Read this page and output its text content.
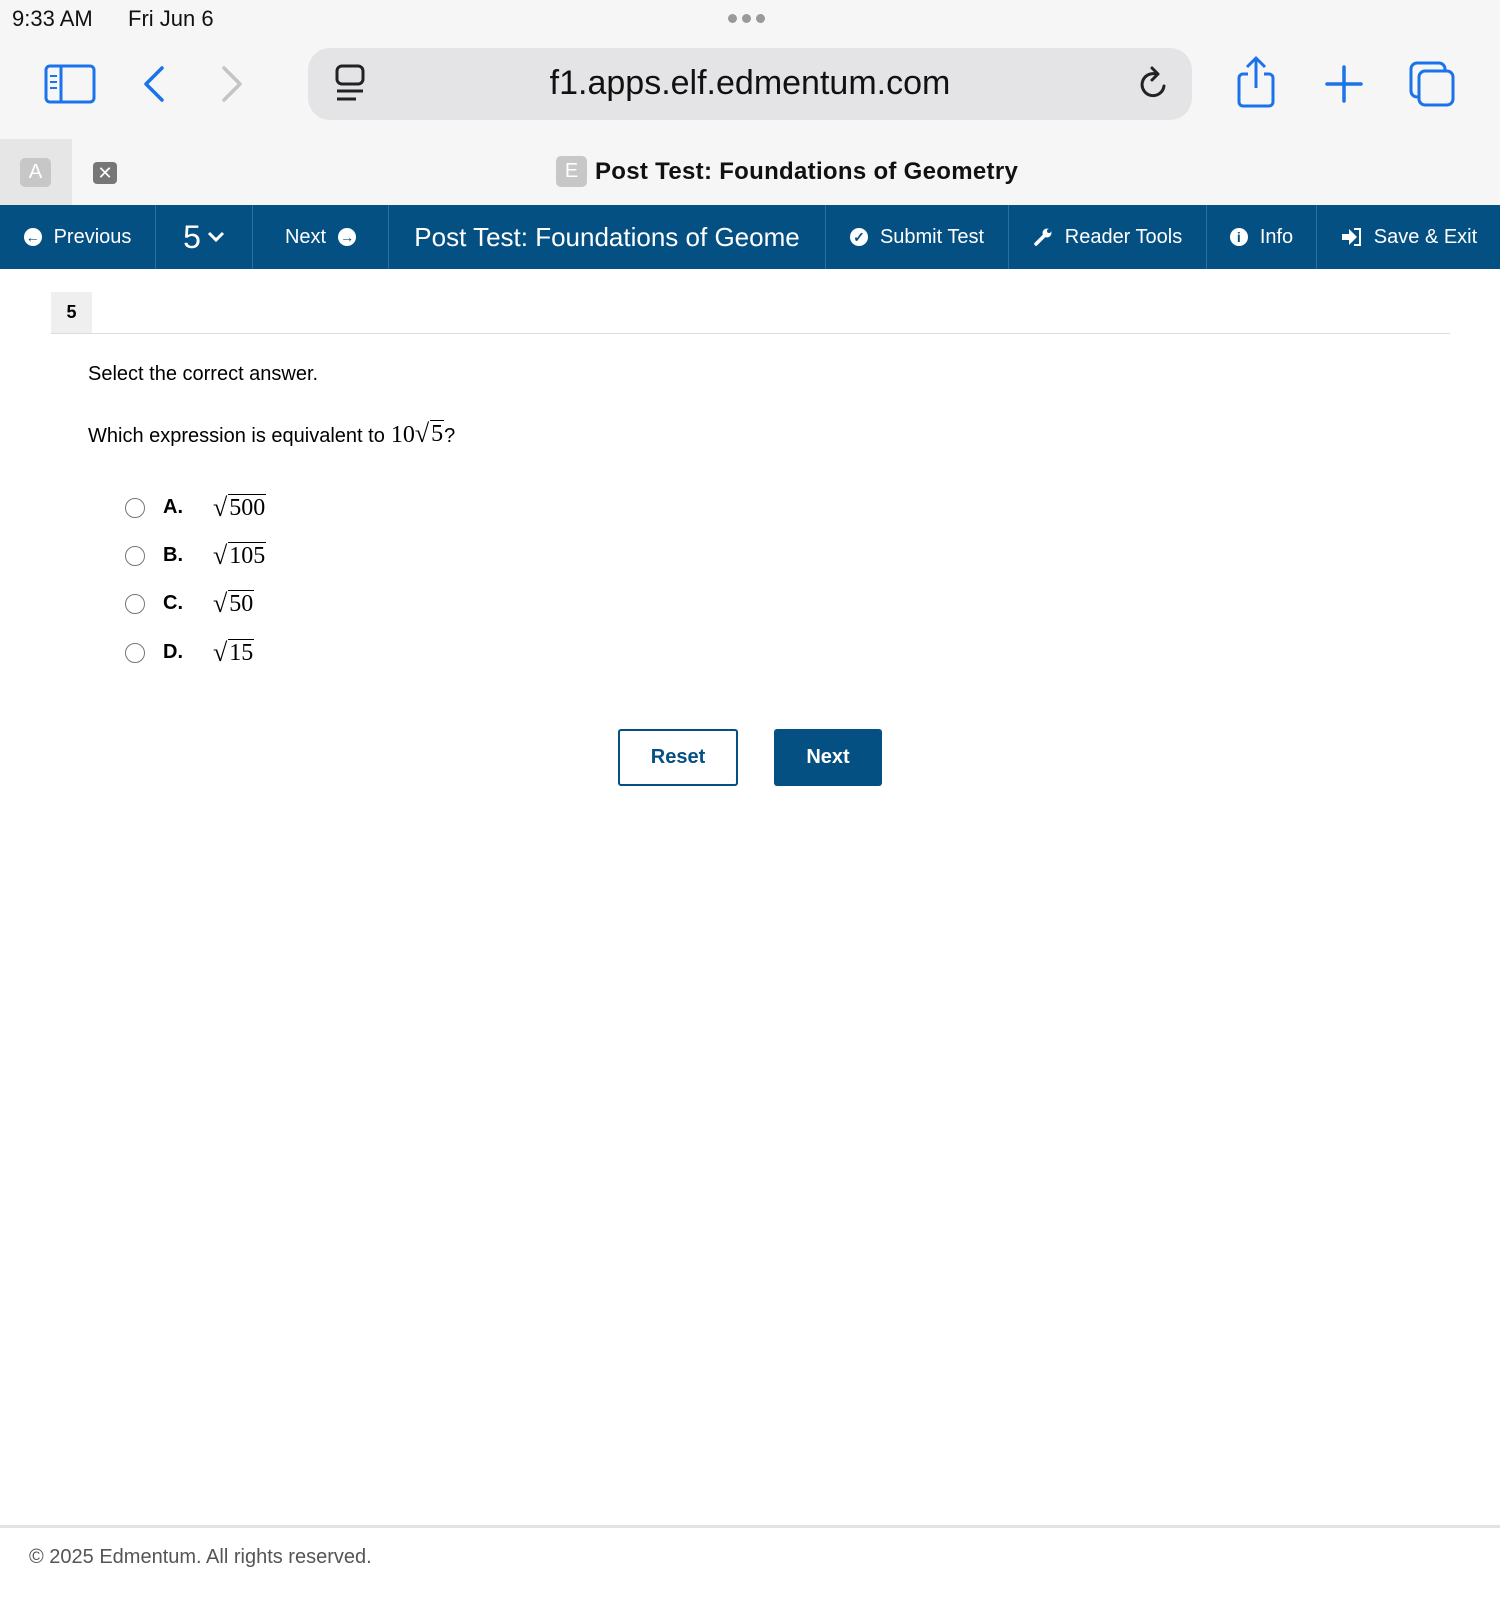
9:33 AM Fri Jun 6
f1.apps.elf.edmentum.com
A	✕	E Post Test: Foundations of Geometry
← Previous 5	Next →	Post Test: Foundations of Geome	✓ Submit Test	Reader Tools	i Info	Save & Exit
5
Select the correct answer.
Which expression is equivalent to 10 √ 5 ?
A.	√ 500
B.	√ 105
C.	√ 50
D.	√ 15
Reset	Next
© 2025 Edmentum. All rights reserved.
